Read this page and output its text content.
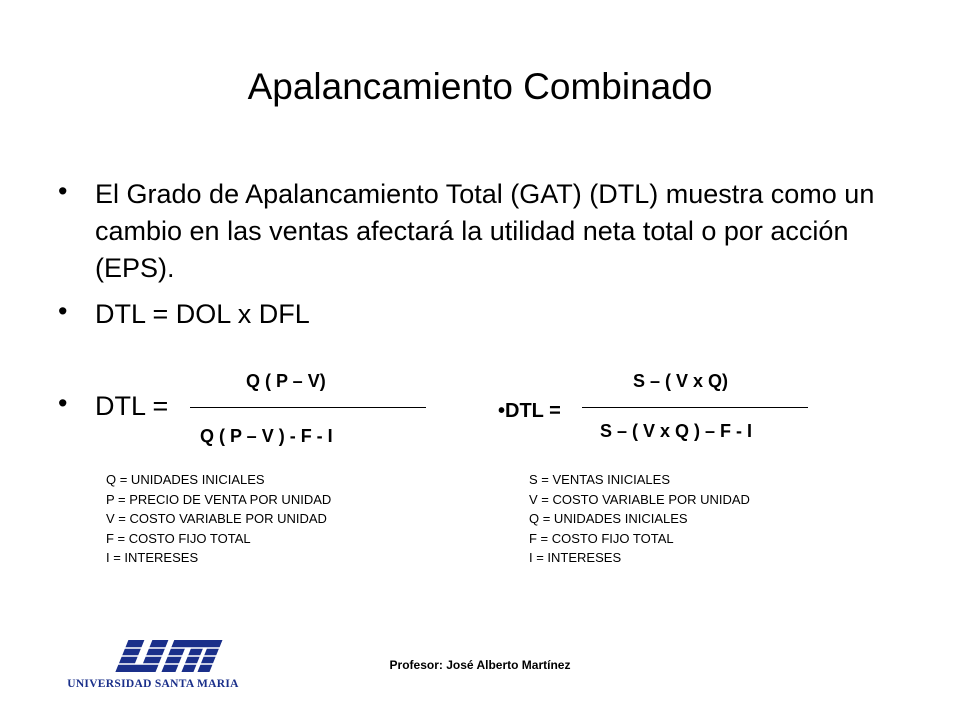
Apalancamiento Combinado
• El Grado de Apalancamiento Total (GAT) (DTL) muestra como un cambio en las ventas afectará la utilidad neta total o por acción (EPS).
• DTL = DOL x DFL
• DTL =
Q ( P – V)
Q ( P – V ) - F - I
•DTL =
S – ( V x Q)
S – ( V x Q ) – F - I
Q = UNIDADES INICIALES
P = PRECIO DE VENTA POR UNIDAD
V = COSTO VARIABLE POR UNIDAD
F = COSTO FIJO TOTAL
I = INTERESES
S = VENTAS INICIALES
V = COSTO VARIABLE POR UNIDAD
Q = UNIDADES INICIALES
F = COSTO FIJO TOTAL
I = INTERESES
UNIVERSIDAD SANTA MARIA
Profesor: José Alberto Martínez
